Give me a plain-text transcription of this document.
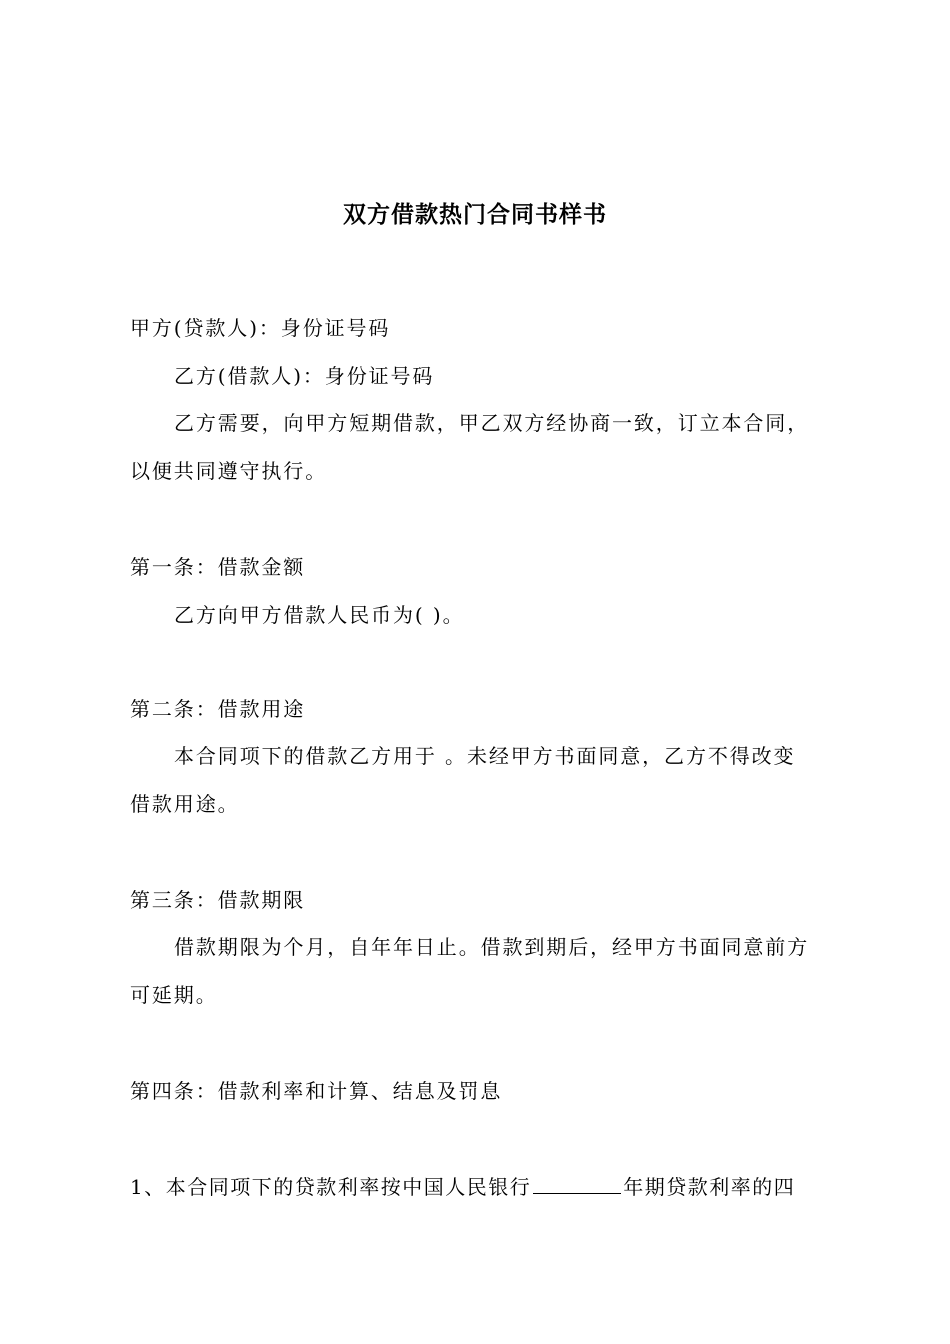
双方借款热门合同书样书
甲方(贷款人)：身份证号码
乙方(借款人)：身份证号码
乙方需要，向甲方短期借款，甲乙双方经协商一致，订立本合同，
以便共同遵守执行。
第一条：借款金额
乙方向甲方借款人民币为( )。
第二条：借款用途
本合同项下的借款乙方用于 。未经甲方书面同意，乙方不得改变
借款用途。
第三条：借款期限
借款期限为个月，自年年日止。借款到期后，经甲方书面同意前方
可延期。
第四条：借款利率和计算、结息及罚息
1、本合同项下的贷款利率按中国人民银行	年期贷款利率的四
